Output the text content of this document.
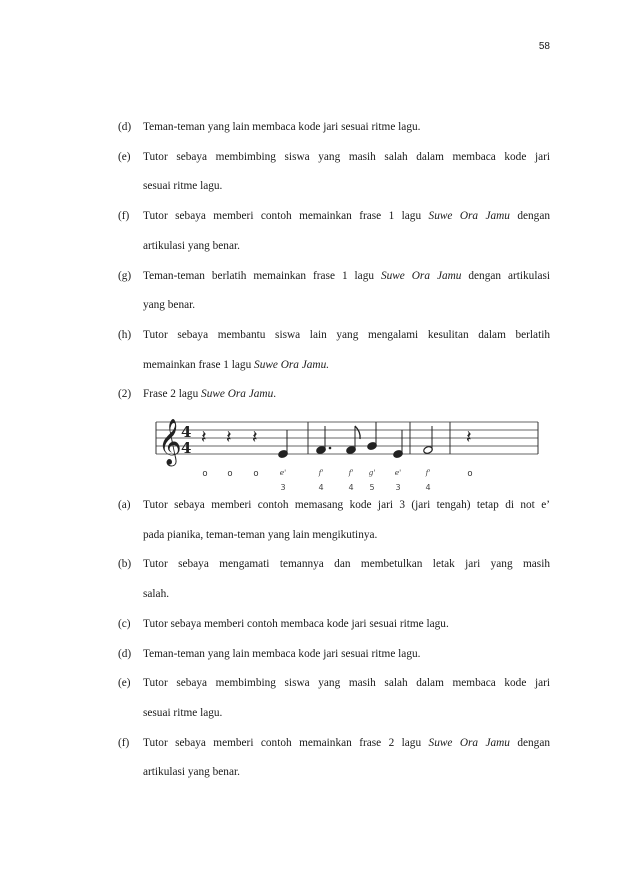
58
(d) Teman-teman yang lain membaca kode jari sesuai ritme lagu.
(e) Tutor sebaya membimbing siswa yang masih salah dalam membaca kode jari
sesuai ritme lagu.
(f) Tutor sebaya memberi contoh memainkan frase 1 lagu Suwe Ora Jamu dengan
artikulasi yang benar.
(g) Teman-teman berlatih memainkan frase 1 lagu Suwe Ora Jamu dengan artikulasi
yang benar.
(h) Tutor sebaya membantu siswa lain yang mengalami kesulitan dalam berlatih
memainkan frase 1 lagu Suwe Ora Jamu.
(2) Frase 2 lagu Suwe Ora Jamu.
𝄞 4
4 𝄽
o
𝄽
o
𝄽
o	e'
3
f'
4
f'
4
g'
5
e'
3
f'
4
𝄽
o
(a) Tutor sebaya memberi contoh memasang kode jari 3 (jari tengah) tetap di not e’
pada pianika, teman-teman yang lain mengikutinya.
(b) Tutor sebaya mengamati temannya dan membetulkan letak jari yang masih
salah.
(c) Tutor sebaya memberi contoh membaca kode jari sesuai ritme lagu.
(d) Teman-teman yang lain membaca kode jari sesuai ritme lagu.
(e) Tutor sebaya membimbing siswa yang masih salah dalam membaca kode jari
sesuai ritme lagu.
(f) Tutor sebaya memberi contoh memainkan frase 2 lagu Suwe Ora Jamu dengan
artikulasi yang benar.
